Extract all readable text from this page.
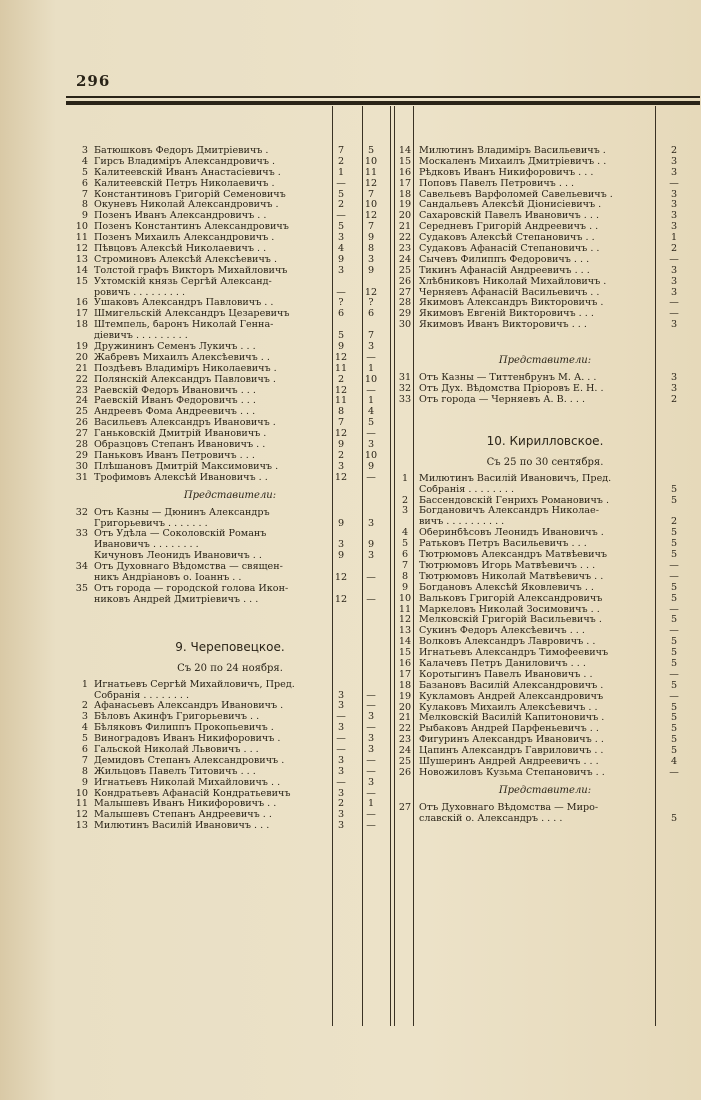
296
3 Батюшковъ Федоръ Дмитріевичъ .	7	5
4 Гирсъ Владиміръ Александровичъ .	2	10
5 Калитеевскій Иванъ Анастасіевичъ .	1	11
6 Калитеевскій Петръ Николаевичъ .	—	12
7 Константиновъ Григорій Семеновичъ	5	7
8 Окуневъ Николай Александровичъ .	2	10
9 Позенъ Иванъ Александровичъ . .	—	12
10 Позенъ Константинъ Александровичъ	5	7
11 Позенъ Михаилъ Александровичъ .	3	9
12 Пѣвцовъ Алексѣй Николаевичъ . .	4	8
13 Строминовъ Алексѣй Алексѣевичъ .	9	3
14 Толстой графъ Викторъ Михайловичъ	3	9
15 Ухтомскій князь Сергѣй Александ-
ровичъ . . . . . . . . .	—	12
16 Ушаковъ Александръ Павловичъ . .	?	?
17 Шмигельскій Александръ Цезаревичъ	6	6
18 Штемпель, баронъ Николай Генна-
діевичъ . . . . . . . . .	5	7
19 Дружининъ Семенъ Лукичъ . . .	9	3
20 Жабревъ Михаилъ Алексѣевичъ . .	12	—
21 Поздѣевъ Владиміръ Николаевичъ .	11	1
22 Полянскій Александръ Павловичъ .	2	10
23 Раевскій Федоръ Ивановичъ . . .	12	—
24 Раевскій Иванъ Федоровичъ . . .	11	1
25 Андреевъ Фома Андреевичъ . . .	8	4
26 Васильевъ Александръ Ивановичъ .	7	5
27 Ганьковскій Дмитрій Ивановичъ .	12	—
28 Образцовъ Степанъ Ивановичъ . .	9	3
29 Паньковъ Иванъ Петровичъ . . .	2	10
30 Плѣшановъ Дмитрій Максимовичъ .	3	9
31 Трофимовъ Алексѣй Ивановичъ . .	12	—
Представители:
32 Отъ Казны — Дюнинъ Александръ
Григорьевичъ . . . . . . .	9	3
33 Отъ Удѣла — Соколовскій Романъ
Ивановичъ . . . . . . . .	3	9
Кичуновъ Леонидъ Ивановичъ . .	9	3
34 Отъ Духовнаго Вѣдомства — священ-
никъ Андріановъ о. Іоаннъ . .	12	—
35 Отъ города — городской голова Икон-
никовъ Андрей Дмитріевичъ . . .	12	—
9. Череповецкое.
Съ 20 по 24 ноября.
1 Игнатьевъ Сергѣй Михайловичъ, Пред.
Собранія . . . . . . . .	3	—
2 Афанасьевъ Александръ Ивановичъ .	3	—
3 Бѣловъ Акинфъ Григорьевичъ . .	—	3
4 Бѣляковъ Филиппъ Прокопьевичъ .	3	—
5 Виноградовъ Иванъ Никифоровичъ .	—	3
6 Гальской Николай Львовичъ . . .	—	3
7 Демидовъ Степанъ Александровичъ .	3	—
8 Жильцовъ Павелъ Титовичъ . . .	3	—
9 Игнатьевъ Николай Михайловичъ . .	—	3
10 Кондратьевъ Афанасій Кондратьевичъ	3	—
11 Малышевъ Иванъ Никифоровичъ . .	2	1
12 Малышевъ Степанъ Андреевичъ . .	3	—
13 Милютинъ Василій Ивановичъ . . .	3	—
14 Милютинъ Владиміръ Васильевичъ .	2
15 Москаленъ Михаилъ Дмитріевичъ . .	3
16 Рѣдковъ Иванъ Никифоровичъ . . .	3
17 Поповъ Павелъ Петровичъ . . .	—
18 Савельевъ Варфоломей Савельевичъ .	3
19 Сандальевъ Алексѣй Діонисіевичъ .	3
20 Сахаровскій Павелъ Ивановичъ . . .	3
21 Середневъ Григорій Андреевичъ . .	3
22 Судаковъ Алексѣй Степановичъ . .	1
23 Судаковъ Афанасій Степановичъ . .	2
24 Сычевъ Филиппъ Федоровичъ . . .	—
25 Тикинъ Афанасій Андреевичъ . . .	3
26 Хлѣбниковъ Николай Михайловичъ .	3
27 Черняевъ Афанасій Васильевичъ . .	3
28 Якимовъ Александръ Викторовичъ .	—
29 Якимовъ Евгеній Викторовичъ . . .	—
30 Якимовъ Иванъ Викторовичъ . . .	3
Представители:
31 Отъ Казны — Титтенбрунъ М. А. . .	3
32 Отъ Дух. Вѣдомства Пріоровъ Е. Н. .	3
33 Отъ города — Черняевъ А. В. . . .	2
10. Кирилловское.
Съ 25 по 30 сентября.
1	Милютинъ Василій Ивановичъ, Пред.
Собранія . . . . . . . .	5
2	Бассендовскій Генрихъ Романовичъ .	5
3	Богдановичъ Александръ Николае-
вичъ . . . . . . . . . .	2
4	Оберинбѣсовъ Леонидъ Ивановичъ .	5
5	Ратьковъ Петръ Васильевичъ . . .	5
6	Тютрюмовъ Александръ Матвѣевичъ	5
7	Тютрюмовъ Игорь Матвѣевичъ . . .	—
8	Тютрюмовъ Николай Матвѣевичъ . .	—
9	Богдановъ Алексѣй Яковлевичъ . .	5
10 Вальковъ Григорій Александровичъ	5
11 Маркеловъ Николай Зосимовичъ . .	—
12 Мелковскій Григорій Васильевичъ .	5
13 Сукинъ Федоръ Алексѣевичъ . . .	—
14 Волковъ Александръ Лавровичъ . .	5
15 Игнатьевъ Александръ Тимофеевичъ	5
16 Калачевъ Петръ Даниловичъ . . .	5
17 Коротыгинъ Павелъ Ивановичъ . .	—
18 Базановъ Василій Александровичъ .	5
19 Кукламовъ Андрей Александровичъ	—
20 Кулаковъ Михаилъ Алексѣевичъ . .	5
21 Мелковскій Василій Капитоновичъ .	5
22 Рыбаковъ Андрей Парфеньевичъ . .	5
23 Фигуринъ Александръ Ивановичъ . .	5
24 Цапинъ Александръ Гавриловичъ . .	5
25 Шушеринъ Андрей Андреевичъ . . .	4
26 Новожиловъ Кузьма Степановичъ . .	—
Представители:
27 Отъ Духовнаго Вѣдомства — Миро-
славскій о. Александръ . . . .	5
